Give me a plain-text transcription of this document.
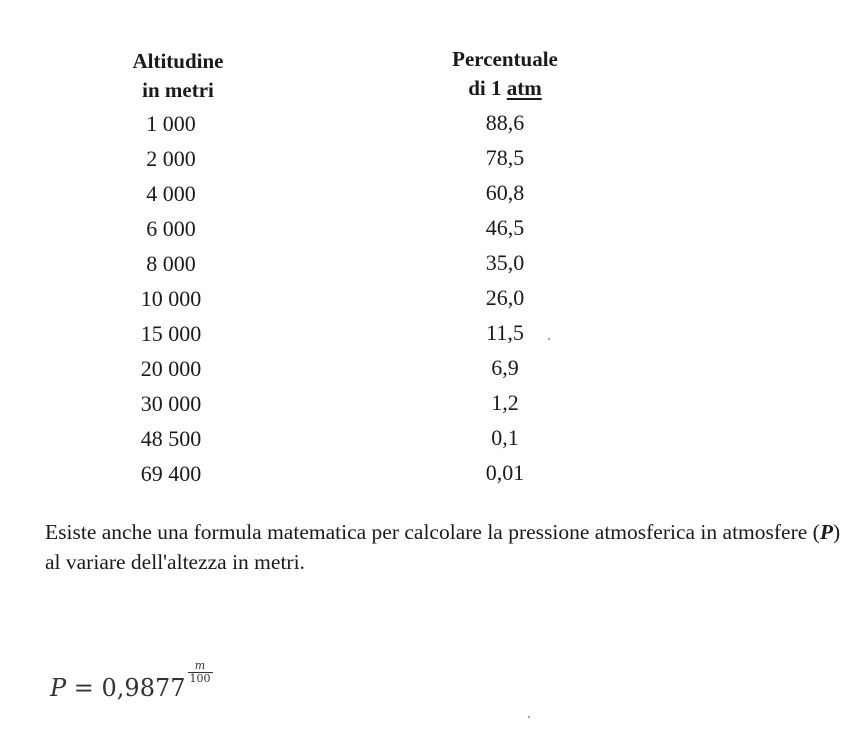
Altitudine
in metri
Percentuale
di 1 atm
1 000
2 000
4 000
6 000
8 000
10 000
15 000
20 000
30 000
48 500
69 400
88,6
78,5
60,8
46,5
35,0
26,0
11,5
6,9
1,2
0,1
0,01

Esiste anche una formula matematica per calcolare la pressione atmosferica in atmosfere (P) al variare dell'altezza in metri.

P = 0,9877
$\frac{m}{100}$
